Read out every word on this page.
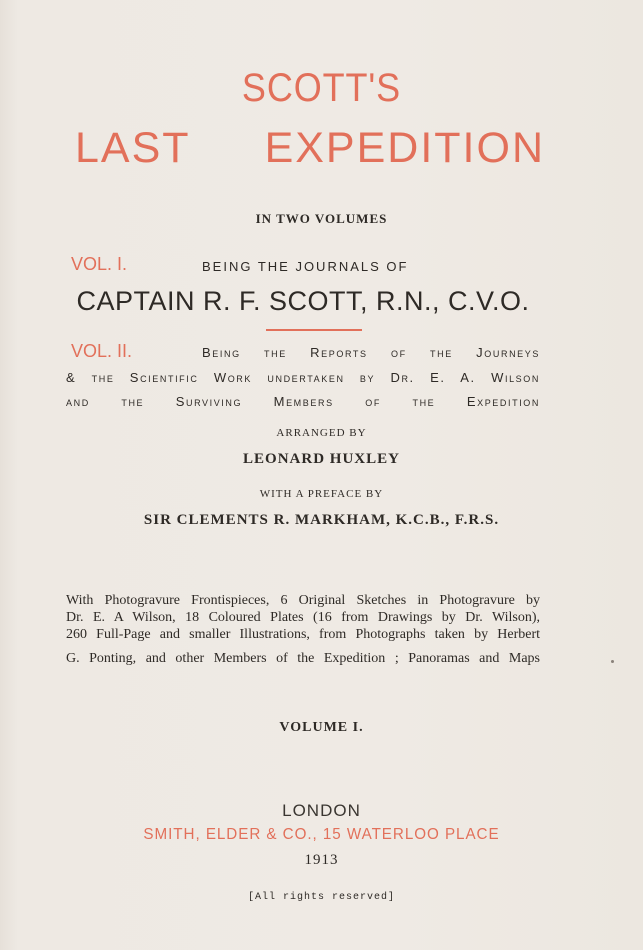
SCOTT'S
LAST EXPEDITION
IN TWO VOLUMES
VOL. I.	BEING THE JOURNALS OF
CAPTAIN R. F. SCOTT, R.N., C.V.O.
VOL. II.	Being the Reports of the Journeys
& the Scientific Work undertaken by Dr. E. A. Wilson
and the Surviving Members of the Expedition
ARRANGED BY
LEONARD HUXLEY
WITH A PREFACE BY
SIR CLEMENTS R. MARKHAM, K.C.B., F.R.S.
With Photogravure Frontispieces, 6 Original Sketches in Photogravure by
Dr. E. A Wilson, 18 Coloured Plates (16 from Drawings by Dr. Wilson),
260 Full-Page and smaller Illustrations, from Photographs taken by Herbert
G. Ponting, and other Members of the Expedition ; Panoramas and Maps
VOLUME I.
LONDON
SMITH, ELDER & CO., 15 WATERLOO PLACE
1913
[All rights reserved]
